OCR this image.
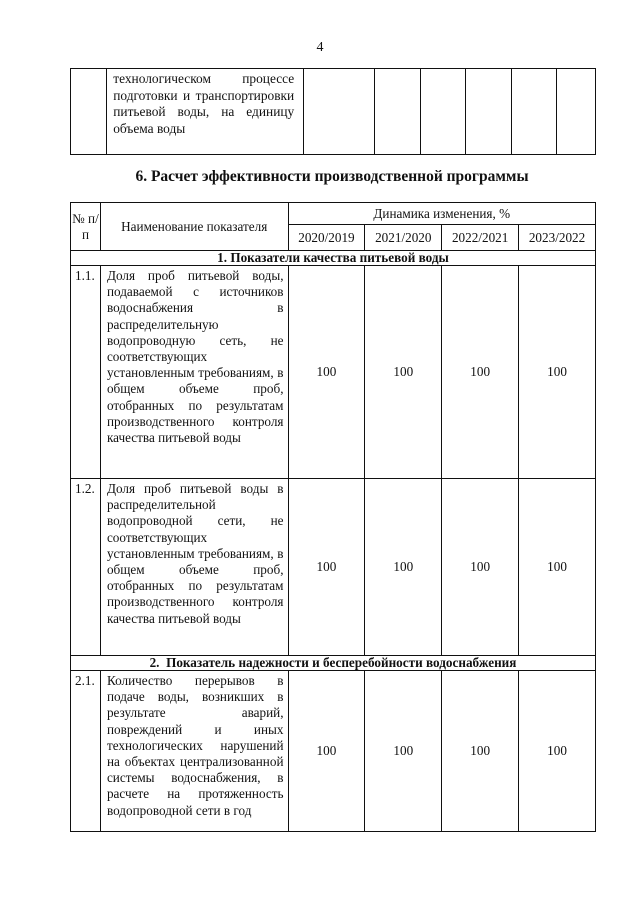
4

технологическом процессе подготовки и транспортировки питьевой воды, на единицу объема воды

6. Расчет эффективности производственной программы
№ п/п	Наименование показателя	Динамика изменения, %			
		2020/2019	2021/2020	2022/2021	2023/2022
1. Показатели качества питьевой воды					
1.1.	Доля проб питьевой воды, подаваемой с источников водоснабжения в распределительную водопроводную сеть, не соответствующих установленным требованиям, в общем объеме проб, отобранных по результатам производственного контроля качества питьевой воды	100	100	100	100
1.2.	Доля проб питьевой воды в распределительной водопроводной сети, не соответствующих установленным требованиям, в общем объеме проб, отобранных по результатам производственного контроля качества питьевой воды	100	100	100	100
2.  Показатель надежности и бесперебойности водоснабжения					
2.1.	Количество перерывов в подаче воды, возникших в результате аварий, повреждений и иных технологических нарушений на объектах централизованной системы водоснабжения, в расчете на протяженность водопроводной сети в год	100	100	100	100
